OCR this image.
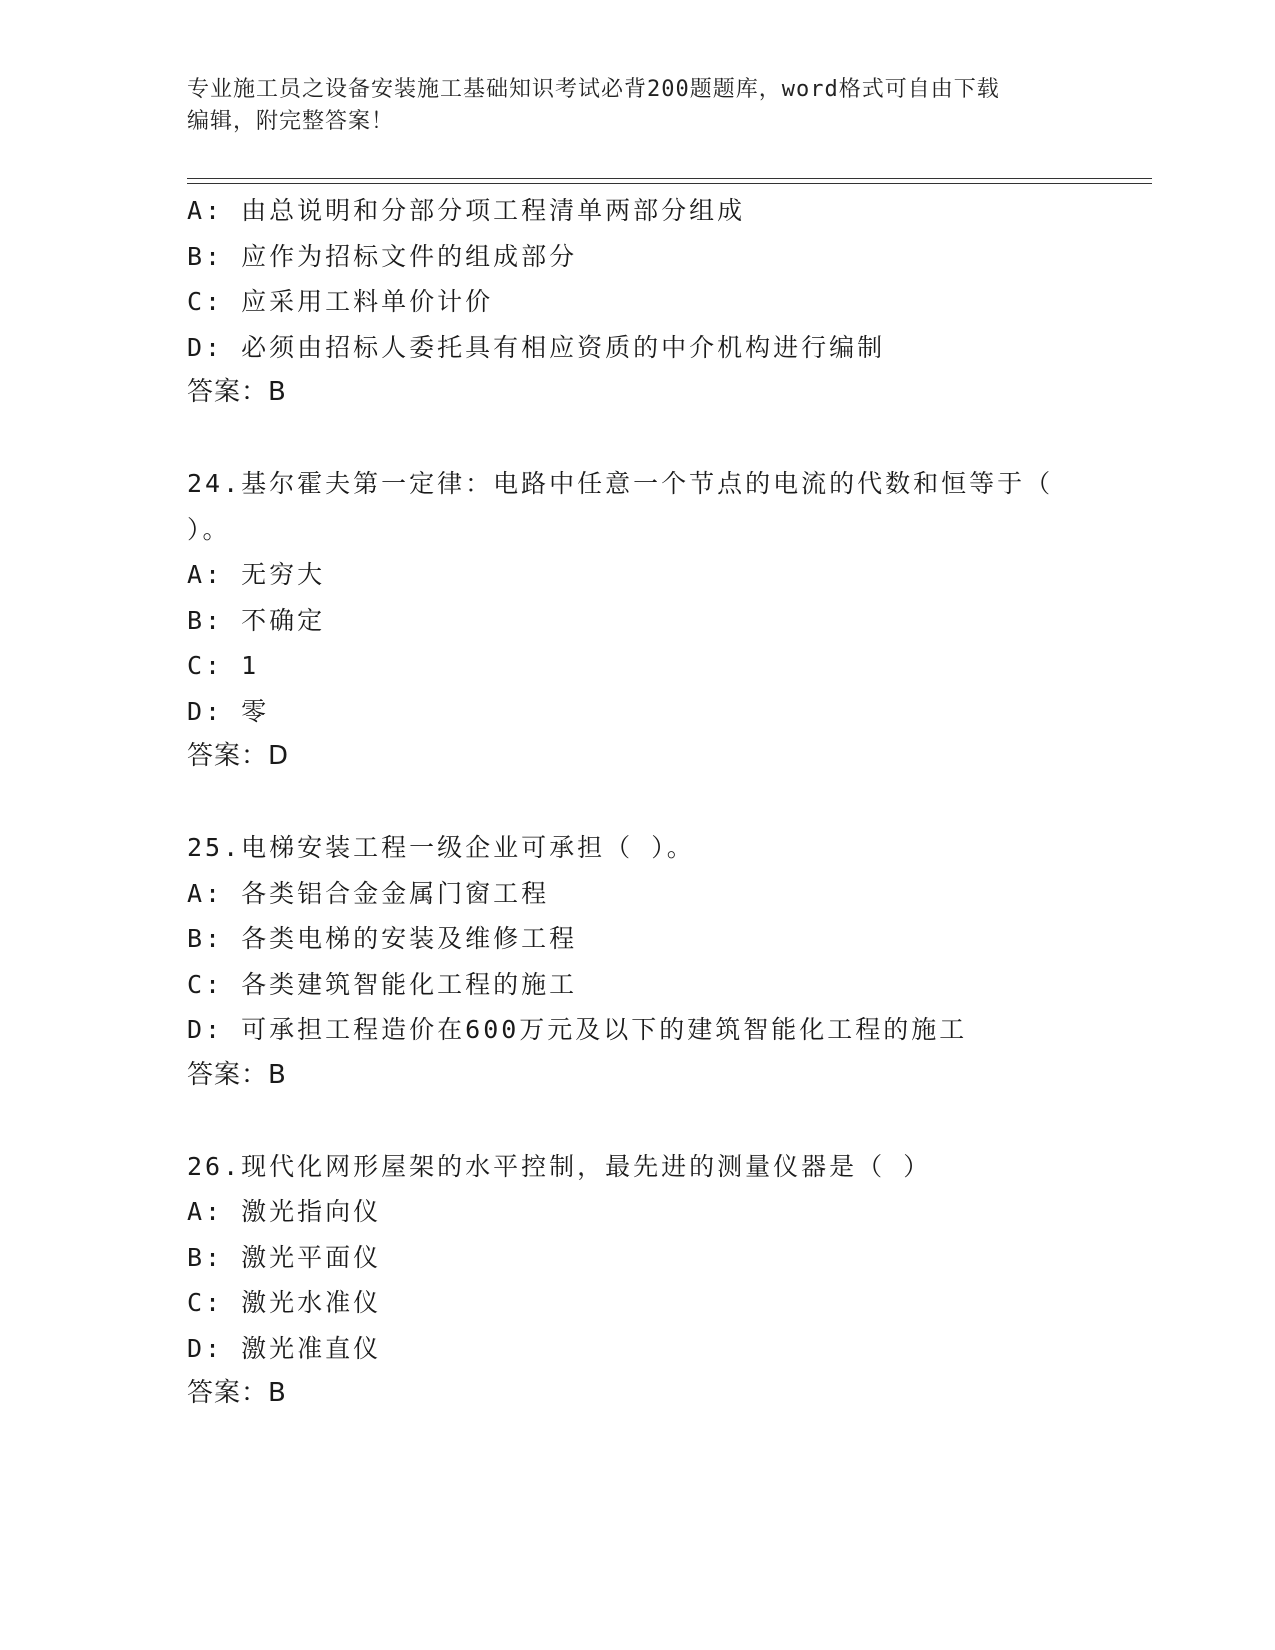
专业施工员之设备安装施工基础知识考试必背200题题库，word格式可自由下载
编辑，附完整答案！
A: 由总说明和分部分项工程清单两部分组成
B: 应作为招标文件的组成部分
C: 应采用工料单价计价
D: 必须由招标人委托具有相应资质的中介机构进行编制
答案：B
24.基尔霍夫第一定律：电路中任意一个节点的电流的代数和恒等于（
）。
A: 无穷大
B: 不确定
C: 1
D: 零
答案：D
25.电梯安装工程一级企业可承担（ ）。
A: 各类铝合金金属门窗工程
B: 各类电梯的安装及维修工程
C: 各类建筑智能化工程的施工
D: 可承担工程造价在600万元及以下的建筑智能化工程的施工
答案：B
26.现代化网形屋架的水平控制，最先进的测量仪器是（ ）
A: 激光指向仪
B: 激光平面仪
C: 激光水准仪
D: 激光准直仪
答案：B
